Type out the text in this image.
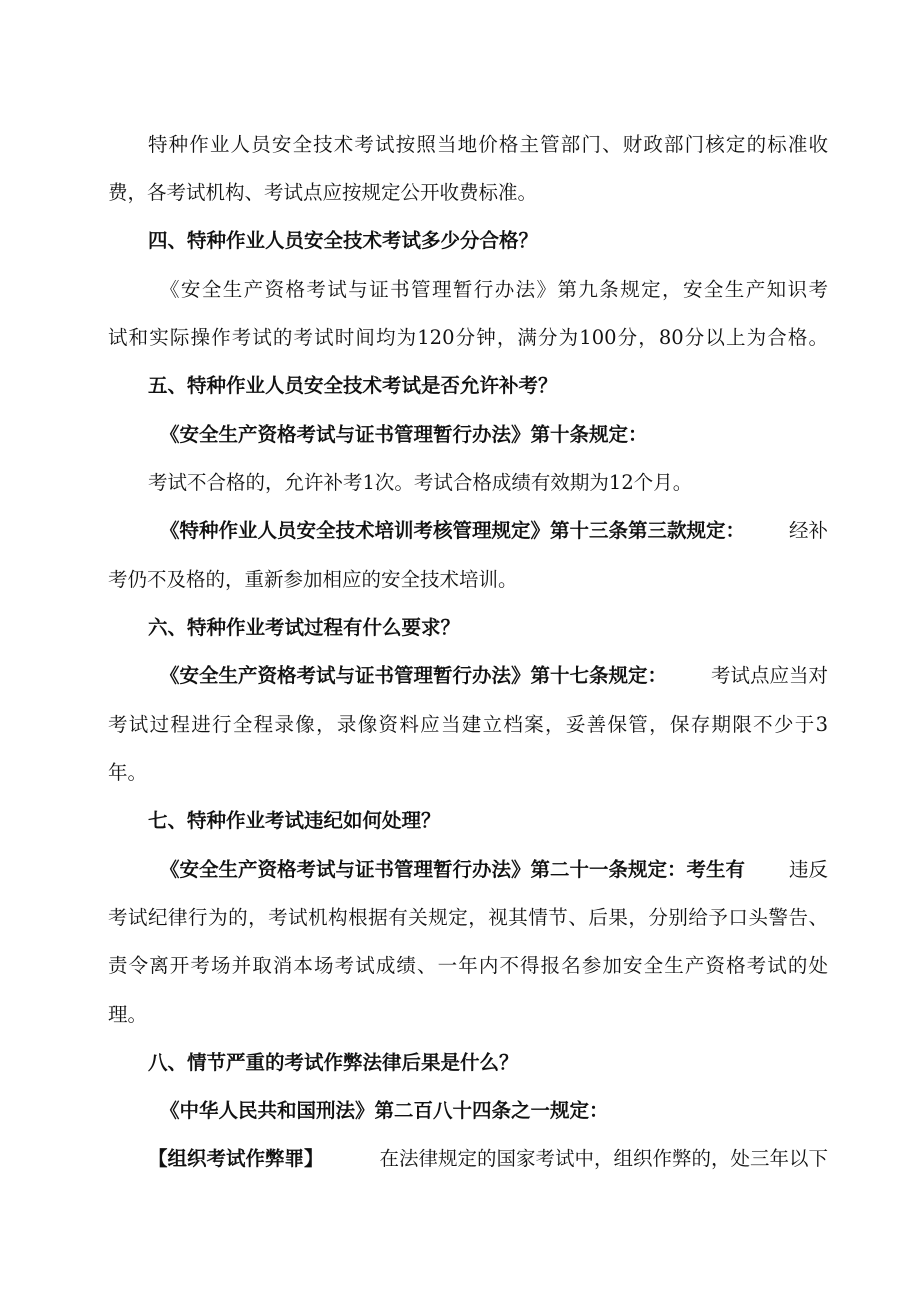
特种作业人员安全技术考试按照当地价格主管部门、财政部门核定的标准收
费，各考试机构、考试点应按规定公开收费标准。
四、特种作业人员安全技术考试多少分合格？
《安全生产资格考试与证书管理暂行办法》第九条规定，安全生产知识考
试和实际操作考试的考试时间均为120分钟，满分为100分，80分以上为合格。
五、特种作业人员安全技术考试是否允许补考？
《安全生产资格考试与证书管理暂行办法》第十条规定：
考试不合格的，允许补考1次。考试合格成绩有效期为12个月。
《特种作业人员安全技术培训考核管理规定》第十三条第三款规定： 经补
考仍不及格的，重新参加相应的安全技术培训。
六、特种作业考试过程有什么要求？
《安全生产资格考试与证书管理暂行办法》第十七条规定： 考试点应当对
考试过程进行全程录像，录像资料应当建立档案，妥善保管，保存期限不少于3
年。
七、特种作业考试违纪如何处理？
《安全生产资格考试与证书管理暂行办法》第二十一条规定：考生有 违反
考试纪律行为的，考试机构根据有关规定，视其情节、后果，分别给予口头警告、
责令离开考场并取消本场考试成绩、一年内不得报名参加安全生产资格考试的处
理。
八、情节严重的考试作弊法律后果是什么？
《中华人民共和国刑法》第二百八十四条之一规定：
【组织考试作弊罪】	在法律规定的国家考试中，组织作弊的，处三年以下
